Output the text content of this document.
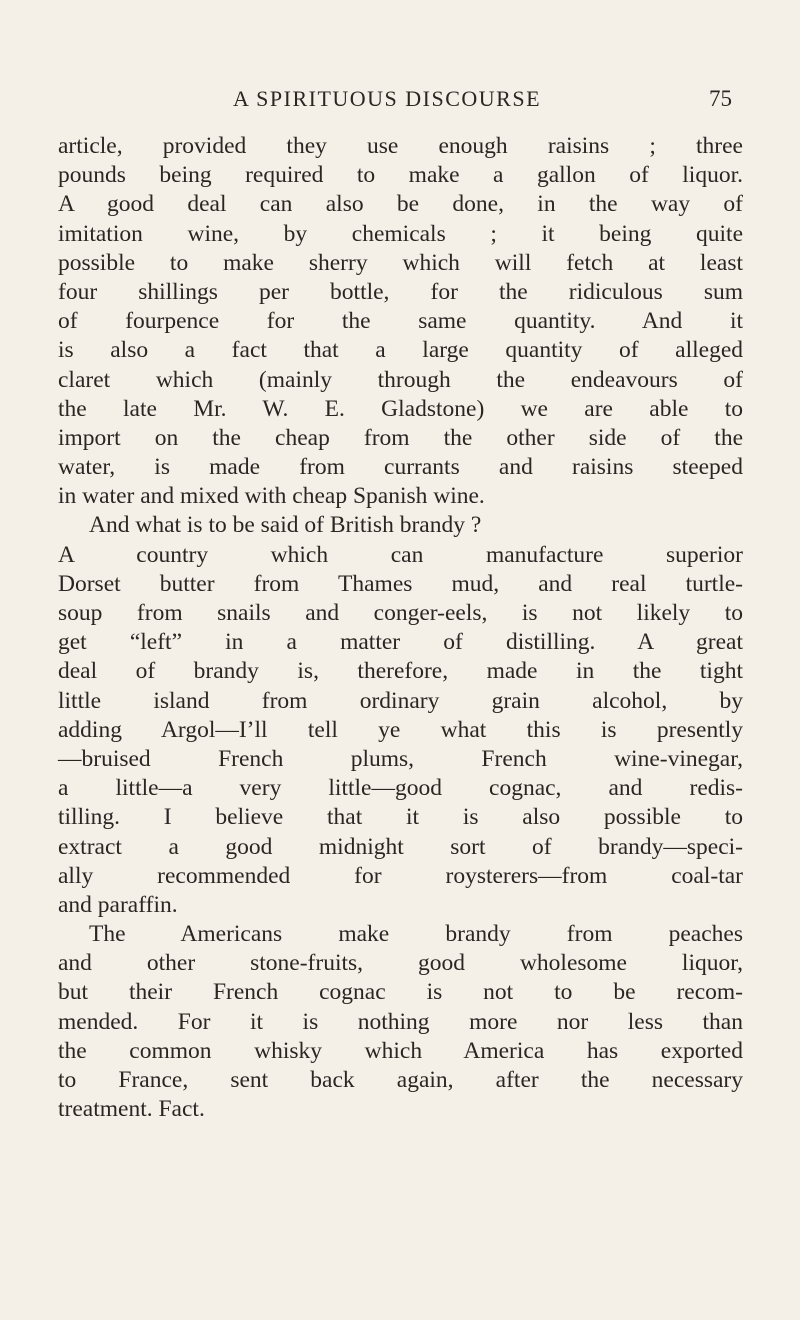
A SPIRITUOUS DISCOURSE	75
article, provided they use enough raisins ; three
pounds being required to make a gallon of liquor.
A good deal can also be done, in the way of
imitation wine, by chemicals ; it being quite
possible to make sherry which will fetch at least
four shillings per bottle, for the ridiculous sum
of fourpence for the same quantity. And it
is also a fact that a large quantity of alleged
claret which (mainly through the endeavours of
the late Mr. W. E. Gladstone) we are able to
import on the cheap from the other side of the
water, is made from currants and raisins steeped
in water and mixed with cheap Spanish wine.
And what is to be said of British brandy ?
A country which can manufacture superior
Dorset butter from Thames mud, and real turtle-
soup from snails and conger-eels, is not likely to
get “left” in a matter of distilling. A great
deal of brandy is, therefore, made in the tight
little island from ordinary grain alcohol, by
adding Argol—I’ll tell ye what this is presently
—bruised French plums, French wine-vinegar,
a little—a very little—good cognac, and redis-
tilling. I believe that it is also possible to
extract a good midnight sort of brandy—speci-
ally recommended for roysterers—from coal-tar
and paraffin.
The Americans make brandy from peaches
and other stone-fruits, good wholesome liquor,
but their French cognac is not to be recom-
mended. For it is nothing more nor less than
the common whisky which America has exported
to France, sent back again, after the necessary
treatment. Fact.
